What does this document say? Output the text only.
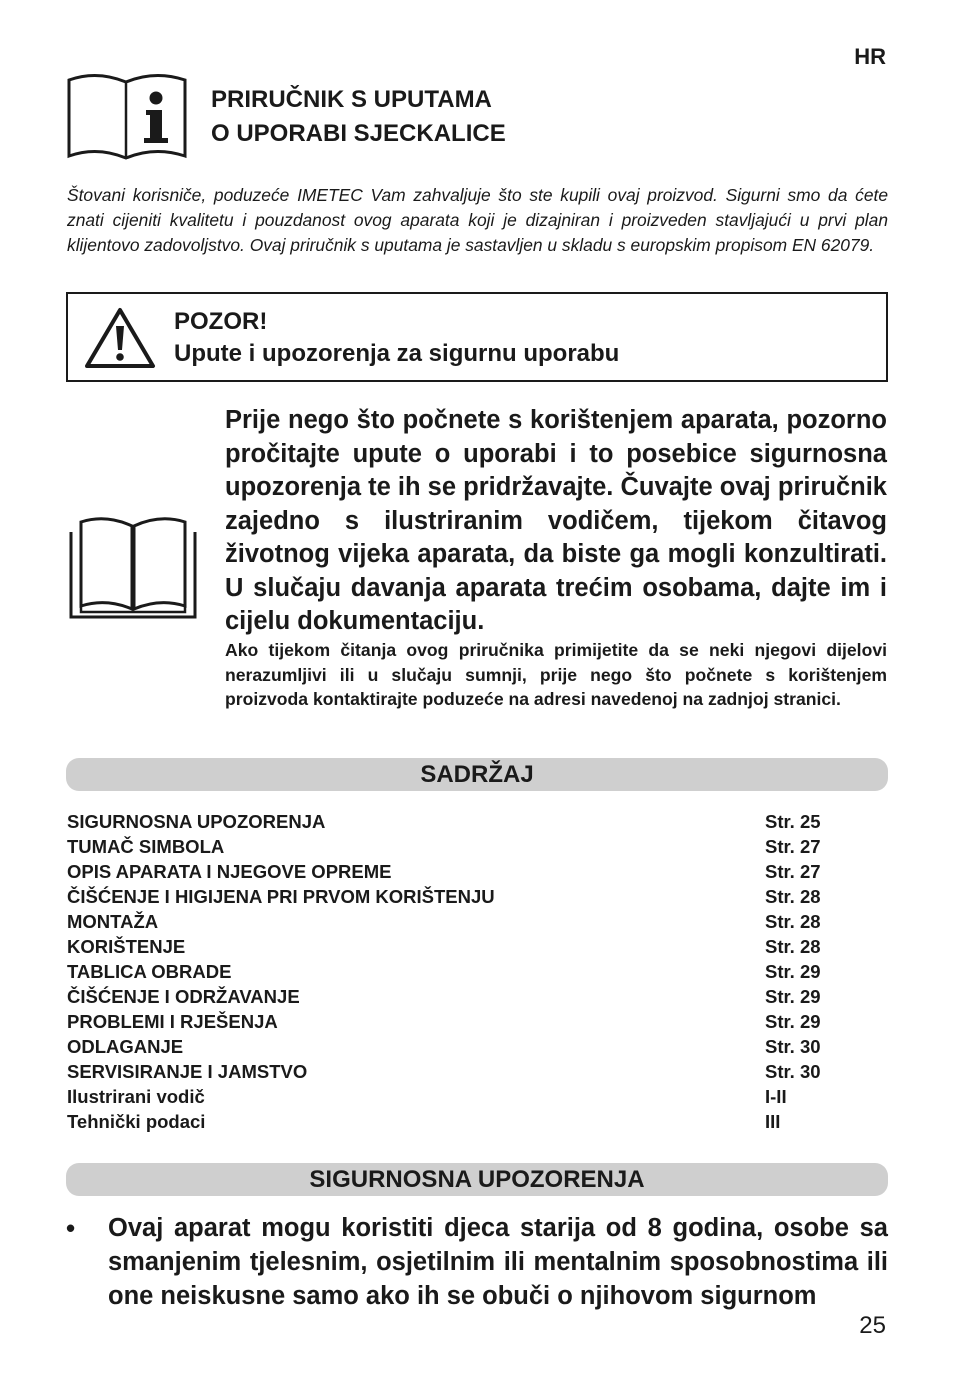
HR
PRIRUČNIK S UPUTAMA
O UPORABI SJECKALICE
Štovani korisniče, poduzeće IMETEC Vam zahvaljuje što ste kupili ovaj proizvod. Sigurni smo da ćete znati cijeniti kvalitetu i pouzdanost ovog aparata koji je dizajniran i proizveden stavljajući u prvi plan klijentovo zadovoljstvo. Ovaj priručnik s uputama je sastavljen u skladu s europskim propisom EN 62079.
POZOR!
Upute i upozorenja za sigurnu uporabu
Prije nego što počnete s korištenjem aparata, pozorno pročitajte upute o uporabi i to posebice sigurnosna upozorenja te ih se pridržavajte. Čuvajte ovaj priručnik zajedno s ilustriranim vodičem, tijekom čitavog životnog vijeka aparata, da biste ga mogli konzultirati. U slučaju davanja aparata trećim osobama, dajte im i cijelu dokumentaciju.
Ako tijekom čitanja ovog priručnika primijetite da se neki njegovi dijelovi nerazumljivi ili u slučaju sumnji, prije nego što počnete s korištenjem proizvoda kontaktirajte poduzeće na adresi navedenoj na zadnjoj stranici.
SADRŽAJ
SIGURNOSNA UPOZORENJA	Str. 25
TUMAČ SIMBOLA	Str. 27
OPIS APARATA I NJEGOVE OPREME	Str. 27
ČIŠĆENJE I HIGIJENA PRI PRVOM KORIŠTENJU	Str. 28
MONTAŽA	Str. 28
KORIŠTENJE	Str. 28
TABLICA OBRADE	Str. 29
ČIŠĆENJE I ODRŽAVANJE	Str. 29
PROBLEMI I RJEŠENJA	Str. 29
ODLAGANJE	Str. 30
SERVISIRANJE I JAMSTVO	Str. 30
Ilustrirani vodič	I-II
Tehnički podaci	III
SIGURNOSNA UPOZORENJA
• Ovaj aparat mogu koristiti djeca starija od 8 godina, osobe sa smanjenim tjelesnim, osjetilnim ili mentalnim sposobnostima ili one neiskusne samo ako ih se obuči o njihovom sigurnom
25
